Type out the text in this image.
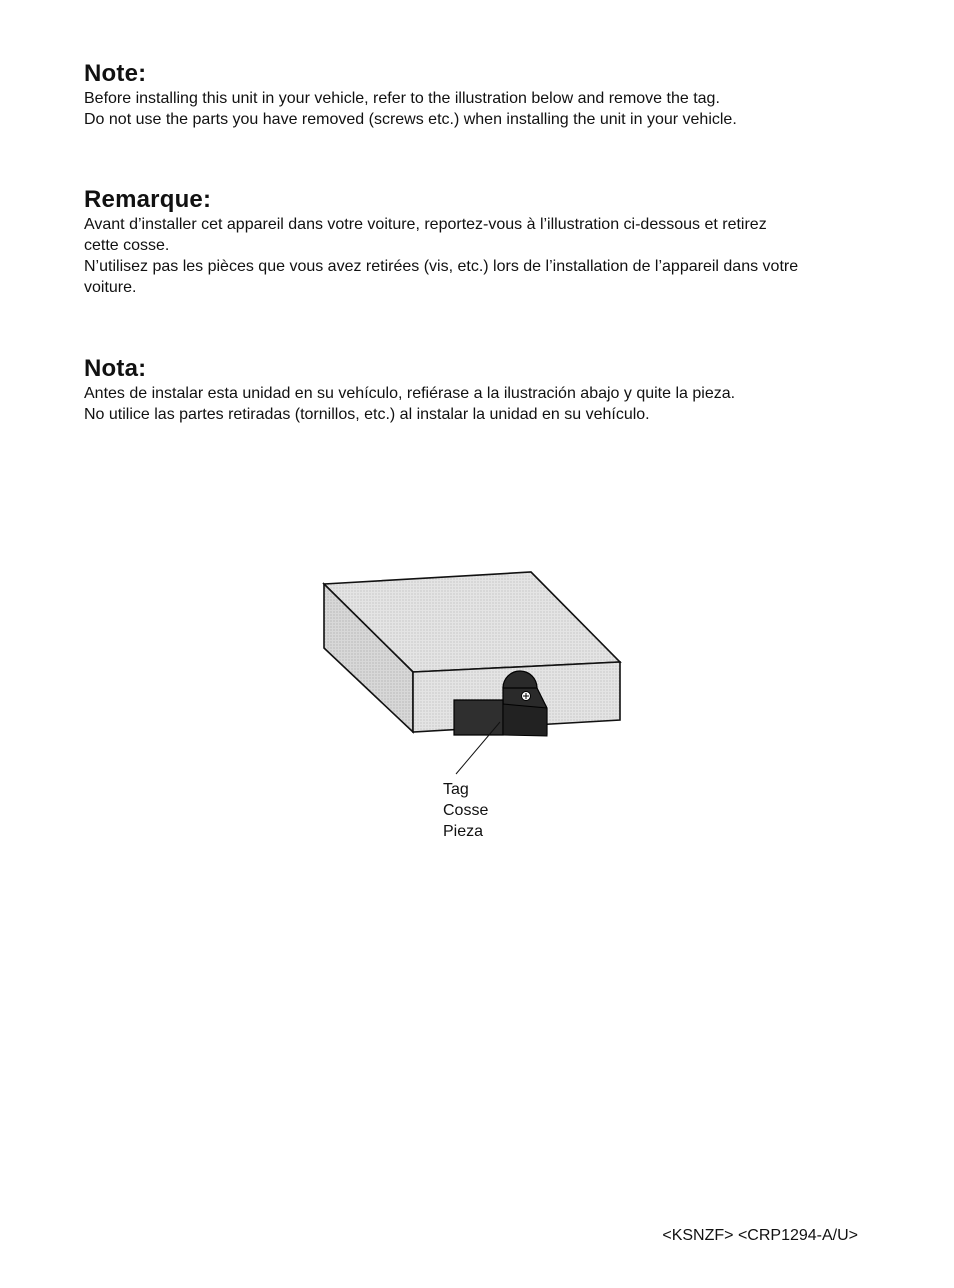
Note:

Before installing this unit in your vehicle, refer to the illustration below and remove the tag.

Do not use the parts you have removed (screws etc.) when installing the unit in your vehicle.

Remarque:

Avant d’installer cet appareil dans votre voiture, reportez-vous à l’illustration ci-dessous et retirez

cette cosse.

N’utilisez pas les pièces que vous avez retirées (vis, etc.) lors de l’installation de l’appareil dans votre

voiture.

Nota:

Antes de instalar esta unidad en su vehículo, refiérase a la ilustración abajo y quite la pieza.

No utilice las partes retiradas (tornillos, etc.) al instalar la unidad en su vehículo.

Tag

Cosse

Pieza

<KSNZF> <CRP1294-A/U>
